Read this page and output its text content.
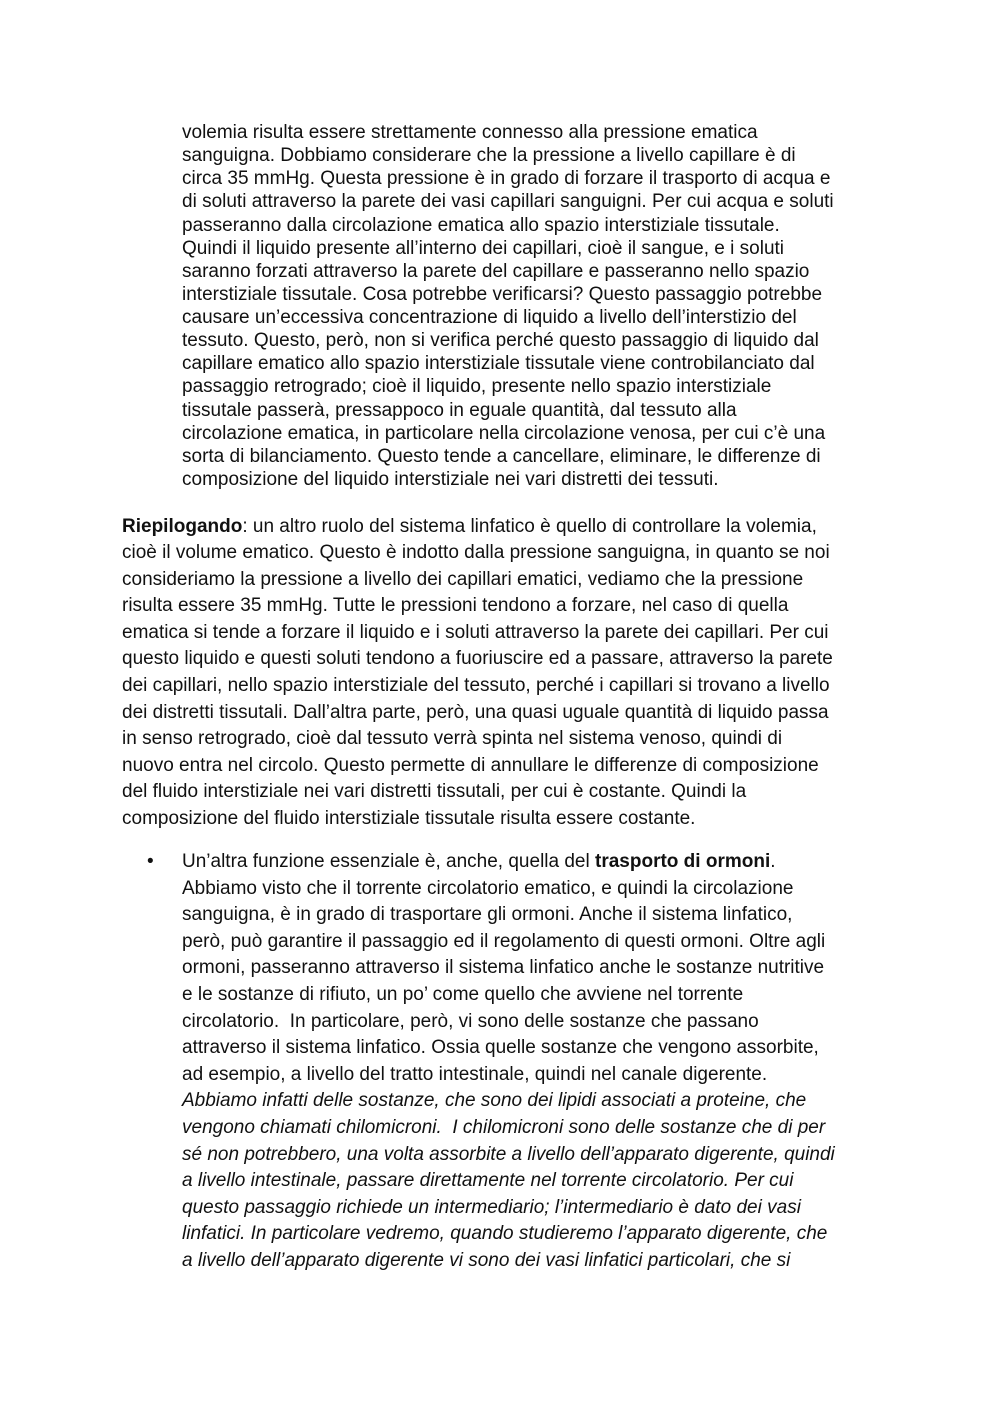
volemia risulta essere strettamente connesso alla pressione ematica
sanguigna. Dobbiamo considerare che la pressione a livello capillare è di
circa 35 mmHg. Questa pressione è in grado di forzare il trasporto di acqua e
di soluti attraverso la parete dei vasi capillari sanguigni. Per cui acqua e soluti
passeranno dalla circolazione ematica allo spazio interstiziale tissutale.
Quindi il liquido presente all’interno dei capillari, cioè il sangue, e i soluti
saranno forzati attraverso la parete del capillare e passeranno nello spazio
interstiziale tissutale. Cosa potrebbe verificarsi? Questo passaggio potrebbe
causare un’eccessiva concentrazione di liquido a livello dell’interstizio del
tessuto. Questo, però, non si verifica perché questo passaggio di liquido dal
capillare ematico allo spazio interstiziale tissutale viene controbilanciato dal
passaggio retrogrado; cioè il liquido, presente nello spazio interstiziale
tissutale passerà, pressappoco in eguale quantità, dal tessuto alla
circolazione ematica, in particolare nella circolazione venosa, per cui c’è una
sorta di bilanciamento. Questo tende a cancellare, eliminare, le differenze di
composizione del liquido interstiziale nei vari distretti dei tessuti.
Riepilogando: un altro ruolo del sistema linfatico è quello di controllare la volemia,
cioè il volume ematico. Questo è indotto dalla pressione sanguigna, in quanto se noi
consideriamo la pressione a livello dei capillari ematici, vediamo che la pressione
risulta essere 35 mmHg. Tutte le pressioni tendono a forzare, nel caso di quella
ematica si tende a forzare il liquido e i soluti attraverso la parete dei capillari. Per cui
questo liquido e questi soluti tendono a fuoriuscire ed a passare, attraverso la parete
dei capillari, nello spazio interstiziale del tessuto, perché i capillari si trovano a livello
dei distretti tissutali. Dall’altra parte, però, una quasi uguale quantità di liquido passa
in senso retrogrado, cioè dal tessuto verrà spinta nel sistema venoso, quindi di
nuovo entra nel circolo. Questo permette di annullare le differenze di composizione
del fluido interstiziale nei vari distretti tissutali, per cui è costante. Quindi la
composizione del fluido interstiziale tissutale risulta essere costante.
• Un’altra funzione essenziale è, anche, quella del trasporto di ormoni.
Abbiamo visto che il torrente circolatorio ematico, e quindi la circolazione
sanguigna, è in grado di trasportare gli ormoni. Anche il sistema linfatico,
però, può garantire il passaggio ed il regolamento di questi ormoni. Oltre agli
ormoni, passeranno attraverso il sistema linfatico anche le sostanze nutritive
e le sostanze di rifiuto, un po’ come quello che avviene nel torrente
circolatorio.  In particolare, però, vi sono delle sostanze che passano
attraverso il sistema linfatico. Ossia quelle sostanze che vengono assorbite,
ad esempio, a livello del tratto intestinale, quindi nel canale digerente.
Abbiamo infatti delle sostanze, che sono dei lipidi associati a proteine, che
vengono chiamati chilomicroni.  I chilomicroni sono delle sostanze che di per
sé non potrebbero, una volta assorbite a livello dell’apparato digerente, quindi
a livello intestinale, passare direttamente nel torrente circolatorio. Per cui
questo passaggio richiede un intermediario; l’intermediario è dato dei vasi
linfatici. In particolare vedremo, quando studieremo l’apparato digerente, che
a livello dell’apparato digerente vi sono dei vasi linfatici particolari, che si
